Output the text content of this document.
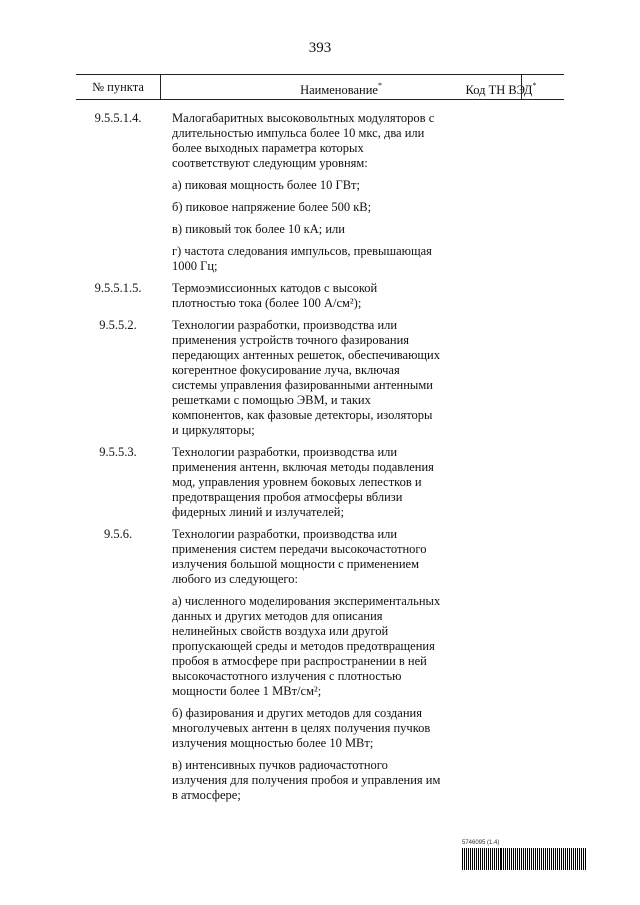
393
№ пункта	Наименование*	Код ТН ВЭД*
9.5.5.1.4.	Малогабаритных высоковольтных модуляторов с длительностью импульса более 10 мкс, два или более выходных параметра которых соответствуют следующим уровням:

а) пиковая мощность более 10 ГВт;

б) пиковое напряжение более 500 кВ;

в) пиковый ток более 10 кА; или

г) частота следования импульсов, превышающая 1000 Гц;

9.5.5.1.5.	Термоэмиссионных катодов с высокой плотностью тока (более 100 А/см²);

9.5.5.2.	Технологии разработки, производства или применения устройств точного фазирования передающих антенных решеток, обеспечивающих когерентное фокусирование луча, включая системы управления фазированными антенными решетками с помощью ЭВМ, и таких компонентов, как фазовые детекторы, изоляторы и циркуляторы;

9.5.5.3.	Технологии разработки, производства или применения антенн, включая методы подавления мод, управления уровнем боковых лепестков и предотвращения пробоя атмосферы вблизи фидерных линий и излучателей;

9.5.6.	Технологии разработки, производства или применения систем передачи высокочастотного излучения большой мощности с применением любого из следующего:

а) численного моделирования экспериментальных данных и других методов для описания нелинейных свойств воздуха или другой пропускающей среды и методов предотвращения пробоя в атмосфере при распространении в ней высокочастотного излучения с плотностью мощности более 1 МВт/см²;

б) фазирования и других методов для создания многолучевых антенн в целях получения пучков излучения мощностью более 10 МВт;

в) интенсивных пучков радиочастотного излучения для получения пробоя и управления им в атмосфере;

5746095 (1.4)
